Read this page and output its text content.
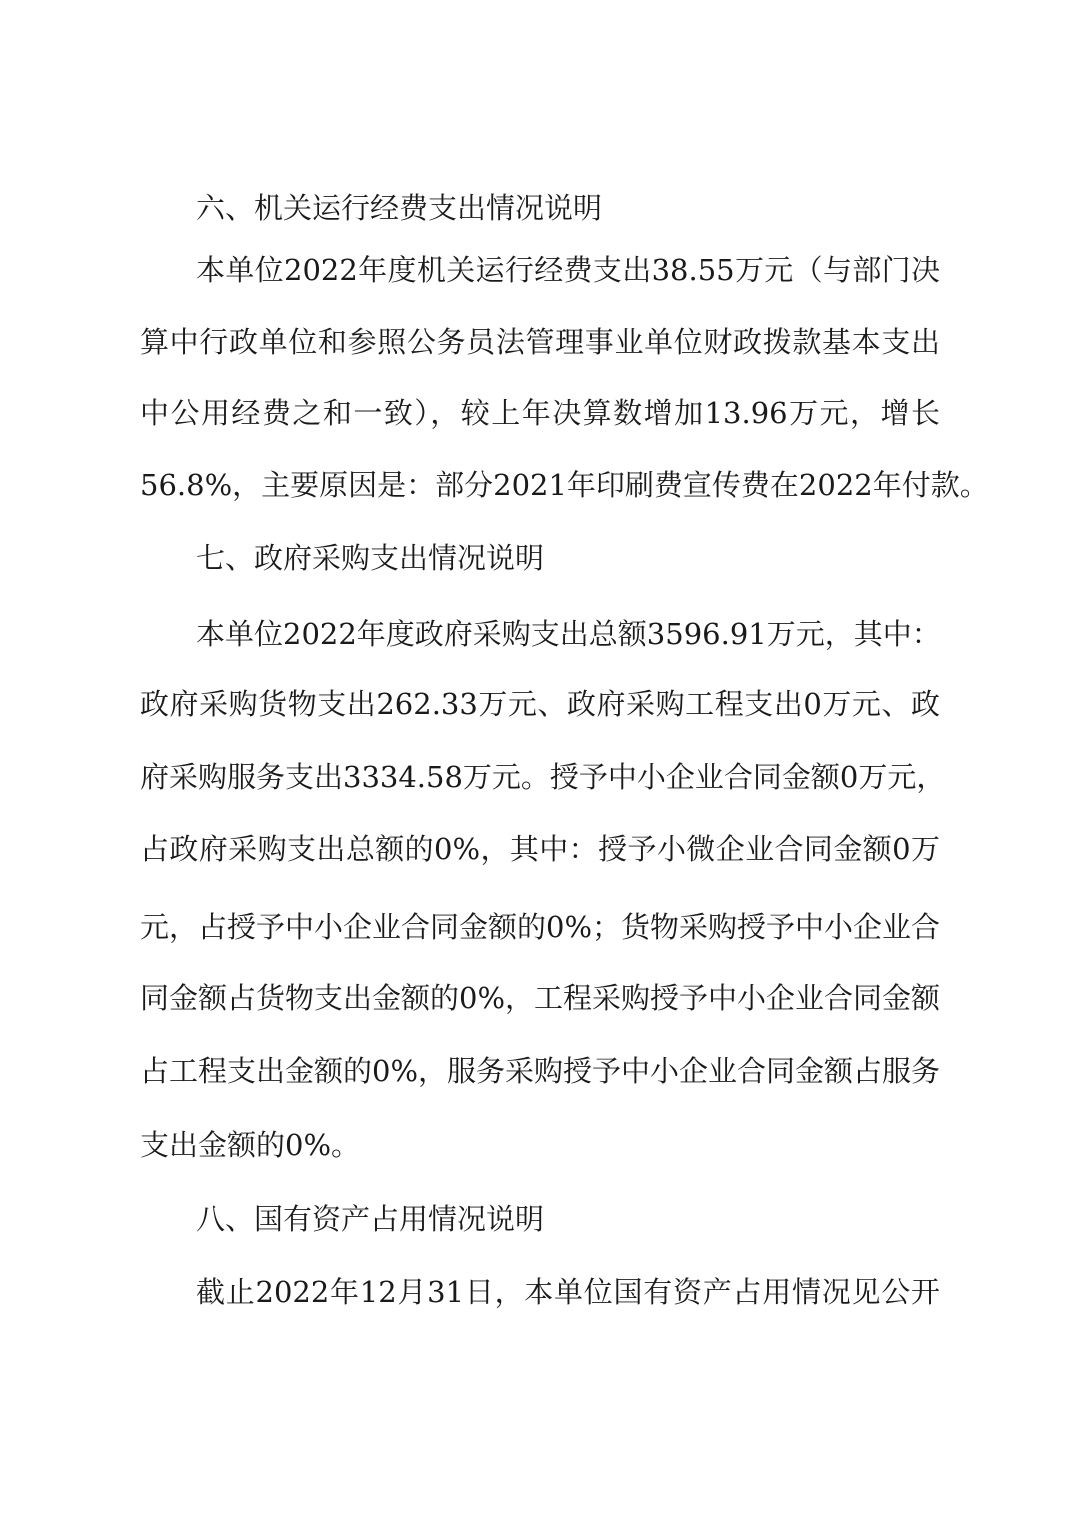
六、机关运行经费支出情况说明
本单位2022年度机关运行经费支出38.55万元（与部门决
算中行政单位和参照公务员法管理事业单位财政拨款基本支出
中公用经费之和一致），较上年决算数增加13.96万元，增长
56.8%，主要原因是：部分2021年印刷费宣传费在2022年付款。
七、政府采购支出情况说明
本单位2022年度政府采购支出总额3596.91万元，其中：
政府采购货物支出262.33万元、政府采购工程支出0万元、政
府采购服务支出3334.58万元。授予中小企业合同金额0万元，
占政府采购支出总额的0%，其中：授予小微企业合同金额0万
元，占授予中小企业合同金额的0%；货物采购授予中小企业合
同金额占货物支出金额的0%，工程采购授予中小企业合同金额
占工程支出金额的0%，服务采购授予中小企业合同金额占服务
支出金额的0%。
八、国有资产占用情况说明
截止2022年12月31日，本单位国有资产占用情况见公开
